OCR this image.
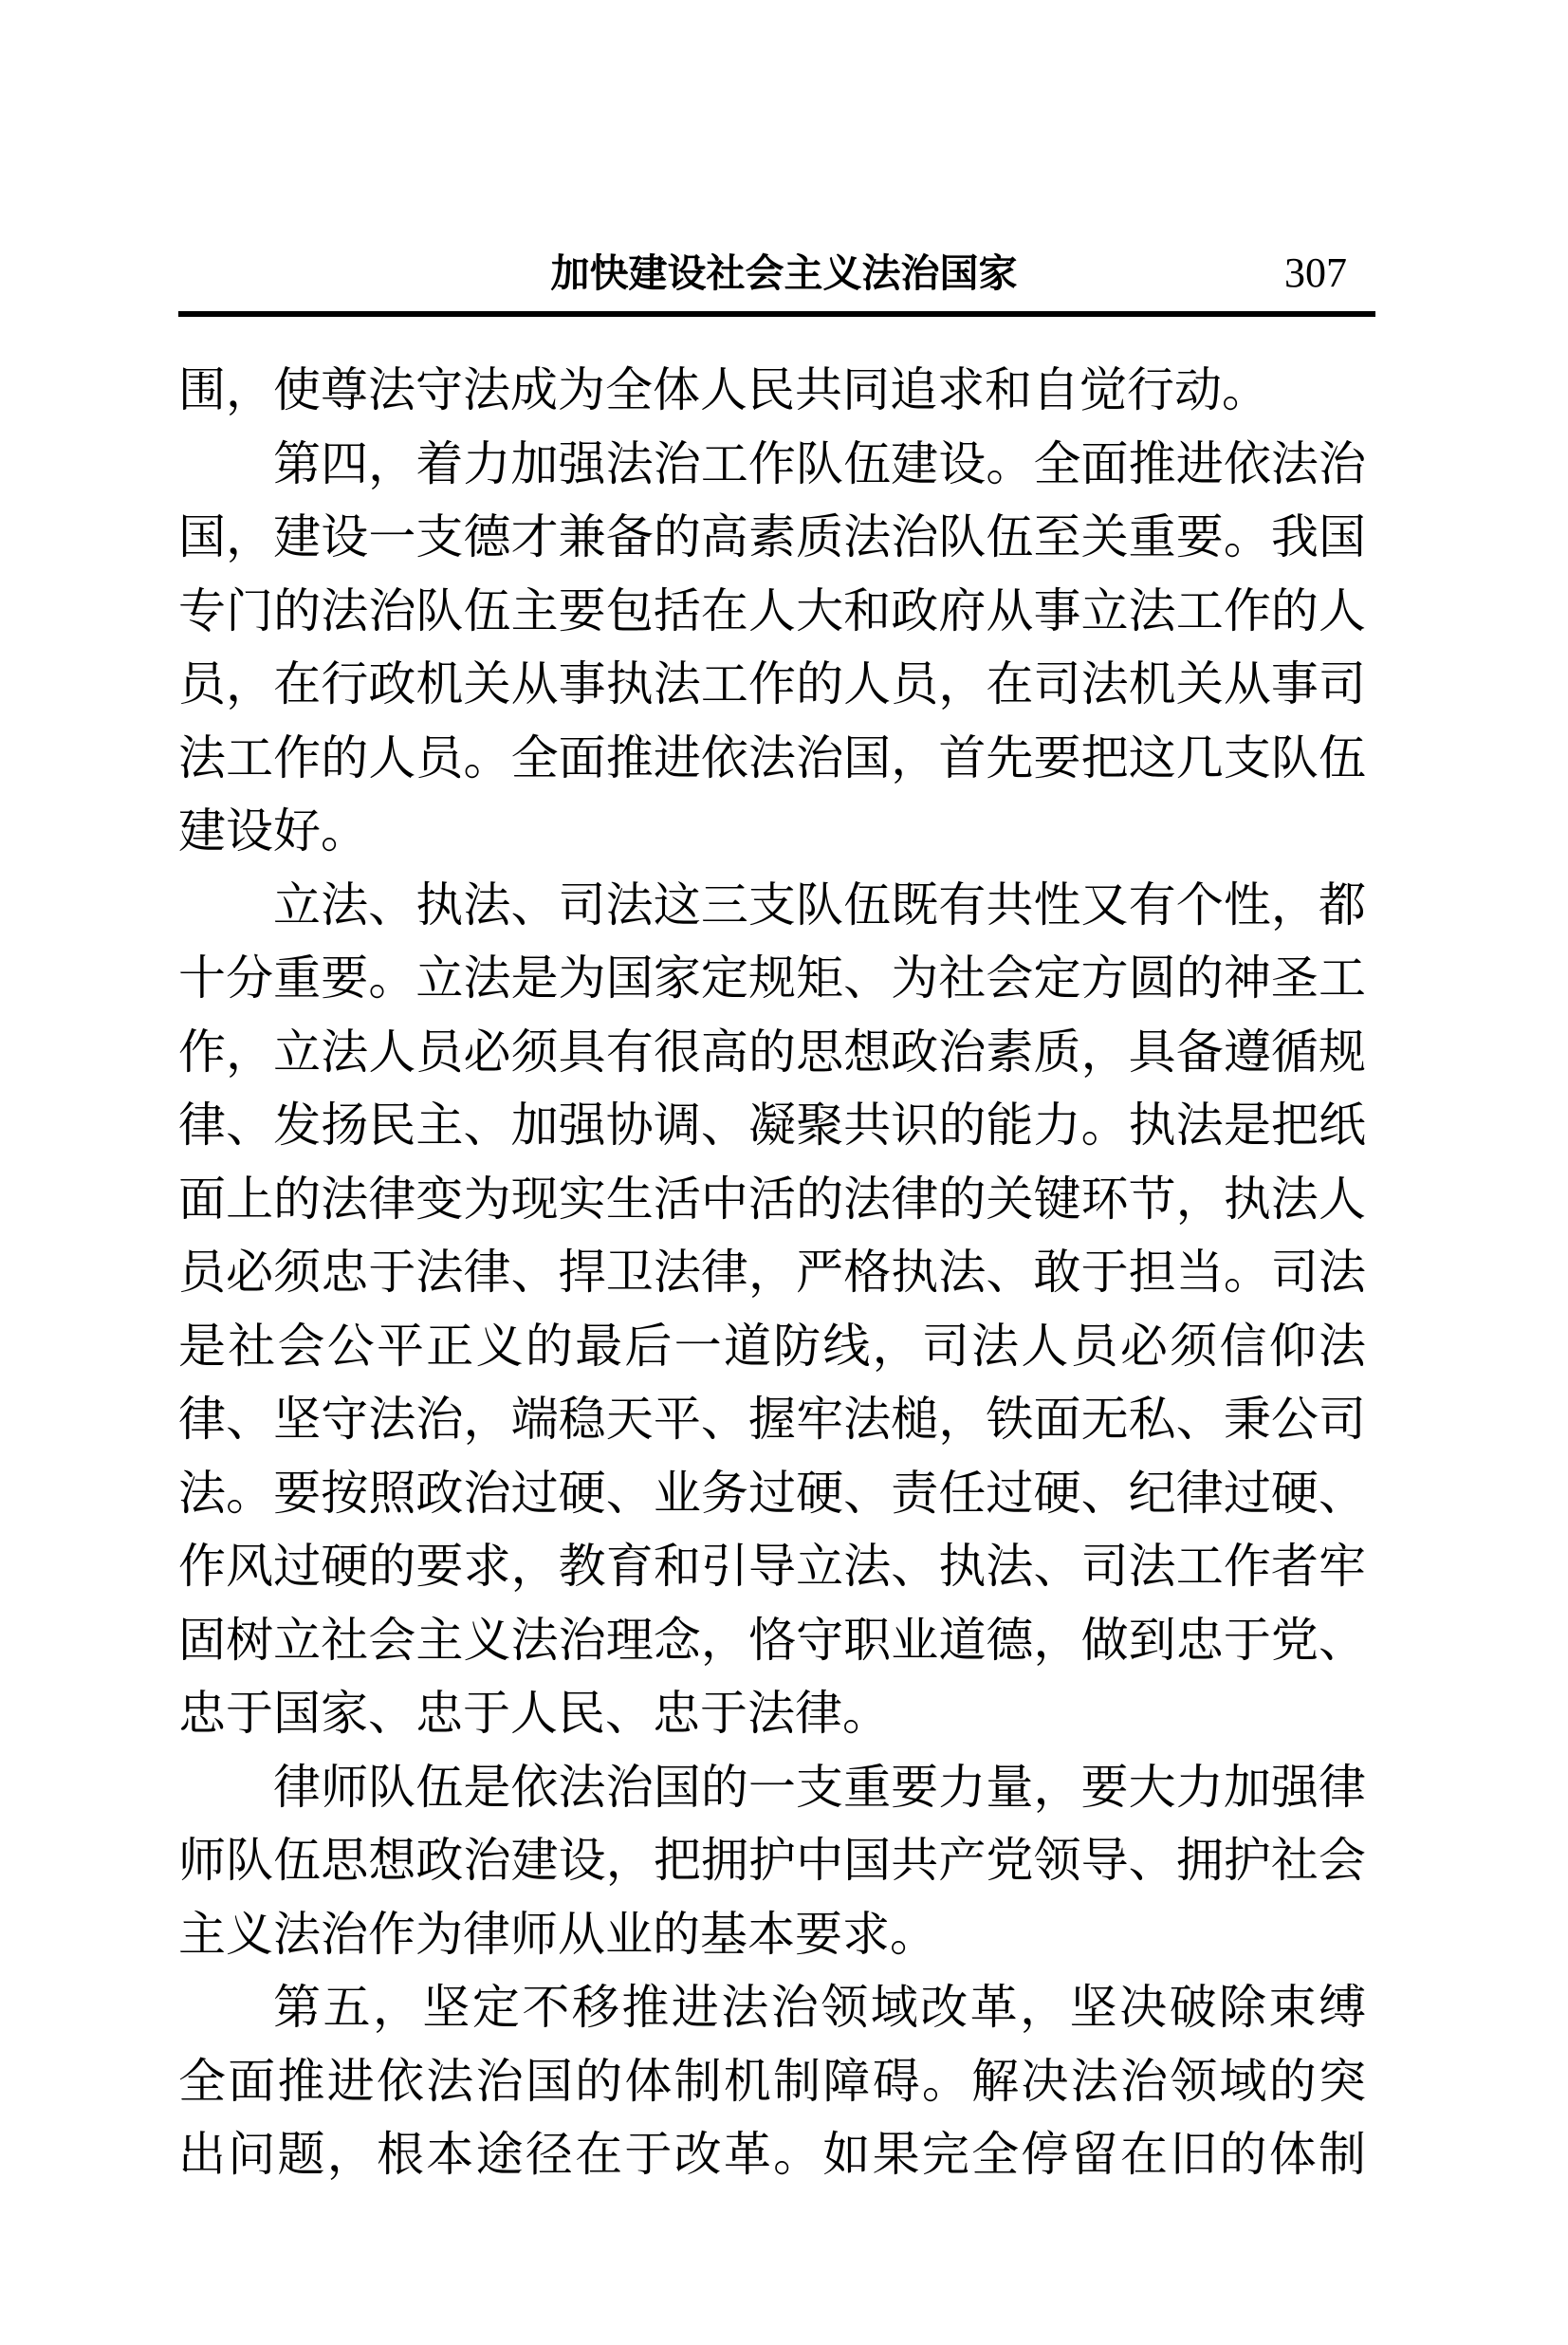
加快建设社会主义法治国家	307
围，使尊法守法成为全体人民共同追求和自觉行动。
第四，着力加强法治工作队伍建设。全面推进依法治
国，建设一支德才兼备的高素质法治队伍至关重要。我国
专门的法治队伍主要包括在人大和政府从事立法工作的人
员，在行政机关从事执法工作的人员，在司法机关从事司
法工作的人员。全面推进依法治国，首先要把这几支队伍
建设好。
立法、执法、司法这三支队伍既有共性又有个性，都
十分重要。立法是为国家定规矩、为社会定方圆的神圣工
作，立法人员必须具有很高的思想政治素质，具备遵循规
律、发扬民主、加强协调、凝聚共识的能力。执法是把纸
面上的法律变为现实生活中活的法律的关键环节，执法人
员必须忠于法律、捍卫法律，严格执法、敢于担当。司法
是社会公平正义的最后一道防线，司法人员必须信仰法
律、坚守法治，端稳天平、握牢法槌，铁面无私、秉公司
法。要按照政治过硬、业务过硬、责任过硬、纪律过硬、
作风过硬的要求，教育和引导立法、执法、司法工作者牢
固树立社会主义法治理念，恪守职业道德，做到忠于党、
忠于国家、忠于人民、忠于法律。
律师队伍是依法治国的一支重要力量，要大力加强律
师队伍思想政治建设，把拥护中国共产党领导、拥护社会
主义法治作为律师从业的基本要求。
第五，坚定不移推进法治领域改革，坚决破除束缚
全面推进依法治国的体制机制障碍。解决法治领域的突
出问题，根本途径在于改革。如果完全停留在旧的体制
